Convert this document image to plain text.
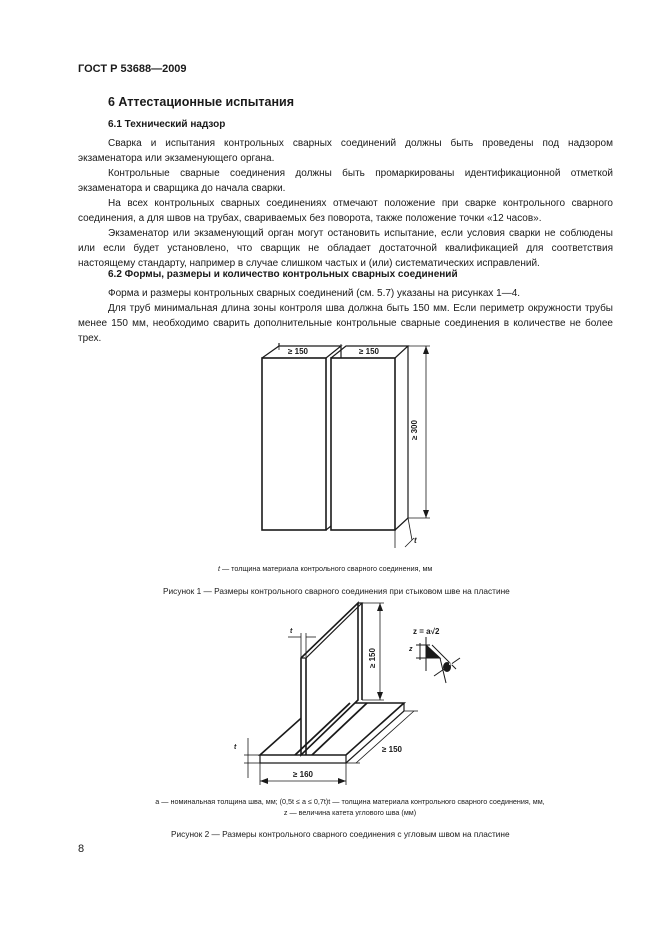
ГОСТ Р 53688—2009
6 Аттестационные испытания
6.1 Технический надзор

Сварка и испытания контрольных сварных соединений должны быть проведены под надзором экзаменатора или экзаменующего органа.

Контрольные сварные соединения должны быть промаркированы идентификационной отметкой экзаменатора и сварщика до начала сварки.

На всех контрольных сварных соединениях отмечают положение при сварке контрольного сварного соединения, а для швов на трубах, свариваемых без поворота, также положение точки «12 часов».

Экзаменатор или экзаменующий орган могут остановить испытание, если условия сварки не соблюдены или если будет установлено, что сварщик не обладает достаточной квалификацией для соответствия настоящему стандарту, например в случае слишком частых и (или) систематических исправлений.

6.2 Формы, размеры и количество контрольных сварных соединений

Форма и размеры контрольных сварных соединений (см. 5.7) указаны на рисунках 1—4.

Для труб минимальная длина зоны контроля шва должна быть 150 мм. Если периметр окружности трубы менее 150 мм, необходимо сварить дополнительные контрольные сварные соединения в количестве не более трех.

≥ 150	≥ 150
≥ 300
t
t — толщина материала контрольного сварного соединения, мм
Рисунок 1 — Размеры контрольного сварного соединения при стыковом шве на пластине
t
≥ 150
t
≥ 160
≥ 150
z = a√2
z
a
a — номинальная толщина шва, мм; (0,5t ≤ a ≤ 0,7t)t — толщина материала контрольного сварного соединения, мм,
z — величина катета углового шва (мм)
Рисунок 2 — Размеры контрольного сварного соединения с угловым швом на пластине
8
